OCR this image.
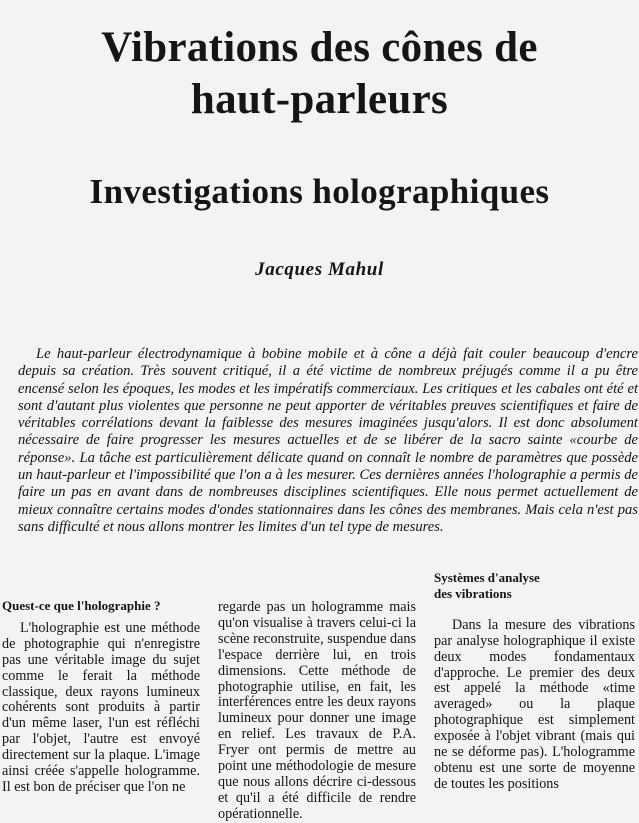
Vibrations des cônes de
haut-parleurs
Investigations holographiques
Jacques Mahul

Le haut-parleur électrodynamique à bobine mobile et à cône a déjà fait couler beaucoup d'encre depuis sa création. Très souvent critiqué, il a été victime de nombreux préjugés comme il a pu être encensé selon les époques, les modes et les impératifs commerciaux. Les critiques et les cabales ont été et sont d'autant plus violentes que personne ne peut apporter de véritables preuves scientifiques et faire de véritables corrélations devant la faiblesse des mesures imaginées jusqu'alors. Il est donc absolument nécessaire de faire progresser les mesures actuelles et de se libérer de la sacro sainte «courbe de réponse». La tâche est particulièrement délicate quand on connaît le nombre de paramètres que possède un haut-parleur et l'impossibilité que l'on a à les mesurer. Ces dernières années l'holographie a permis de faire un pas en avant dans de nombreuses disciplines scientifiques. Elle nous permet actuellement de mieux connaître certains modes d'ondes stationnaires dans les cônes des membranes. Mais cela n'est pas sans difficulté et nous allons montrer les limites d'un tel type de mesures.

Quest-ce que l'holographie ?

L'holographie est une méthode de photographie qui n'enregistre pas une véritable image du sujet comme le ferait la méthode classique, deux rayons lumineux cohérents sont produits à partir d'un même laser, l'un est réfléchi par l'objet, l'autre est envoyé directement sur la plaque. L'image ainsi créée s'appelle hologramme. Il est bon de préciser que l'on ne

regarde pas un hologramme mais qu'on visualise à travers celui-ci la scène reconstruite, suspendue dans l'espace derrière lui, en trois dimensions. Cette méthode de photographie utilise, en fait, les interférences entre les deux rayons lumineux pour donner une image en relief. Les travaux de P.A. Fryer ont permis de mettre au point une méthodologie de mesure que nous allons décrire ci-dessous et qu'il a été difficile de rendre opérationnelle.

Systèmes d'analyse
des vibrations

Dans la mesure des vibrations par analyse holographique il existe deux modes fondamentaux d'approche. Le premier des deux est appelé la méthode «time averaged» ou la plaque photographique est simplement exposée à l'objet vibrant (mais qui ne se déforme pas). L'hologramme obtenu est une sorte de moyenne de toutes les positions
